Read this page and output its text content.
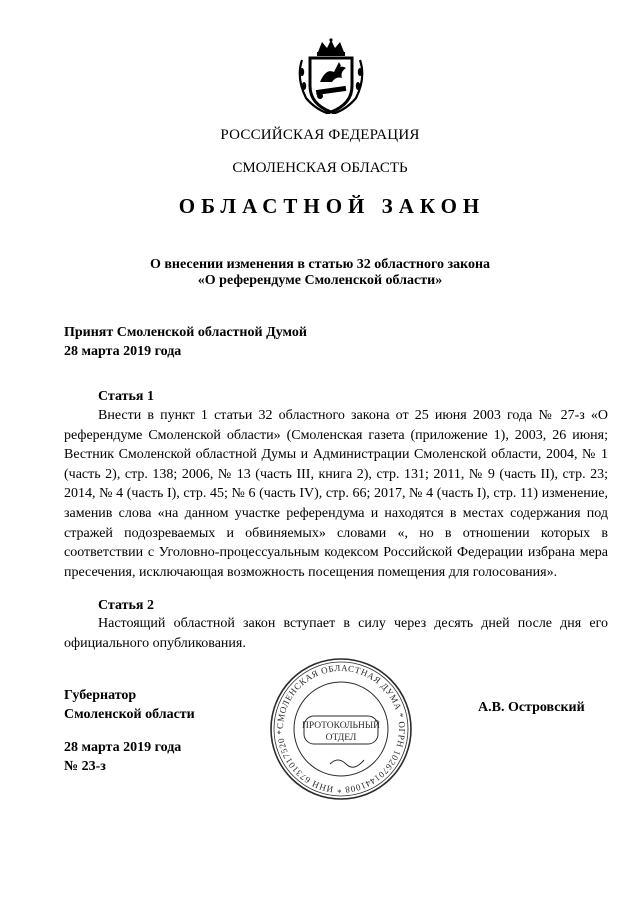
РОССИЙСКАЯ ФЕДЕРАЦИЯ
СМОЛЕНСКАЯ ОБЛАСТЬ
ОБЛАСТНОЙ ЗАКОН
О внесении изменения в статью 32 областного закона
«О референдуме Смоленской области»
Принят Смоленской областной Думой
28 марта 2019 года
Статья 1

Внести в пункт 1 статьи 32 областного закона от 25 июня 2003 года № 27-з «О референдуме Смоленской области» (Смоленская газета (приложение 1), 2003, 26 июня; Вестник Смоленской областной Думы и Администрации Смоленской области, 2004, № 1 (часть 2), стр. 138; 2006, № 13 (часть III, книга 2), стр. 131; 2011, № 9 (часть II), стр. 23; 2014, № 4 (часть I), стр. 45; № 6 (часть IV), стр. 66; 2017, № 4 (часть I), стр. 11) изменение, заменив слова «на данном участке референдума и находятся в местах содержания под стражей подозреваемых и обвиняемых» словами «, но в отношении которых в соответствии с Уголовно-процессуальным кодексом Российской Федерации избрана мера пресечения, исключающая возможность посещения помещения для голосования».

Статья 2

Настоящий областной закон вступает в силу через десять дней после дня его официального опубликования.

Губернатор
Смоленской области
СМОЛЕНСКАЯ ОБЛАСТНАЯ ДУМА * ОГРН 1026701441008 * ИНН 6731017520 *
ПРОТОКОЛЬНЫЙ
ОТДЕЛ
А.В. Островский
28 марта 2019 года
№ 23-з
